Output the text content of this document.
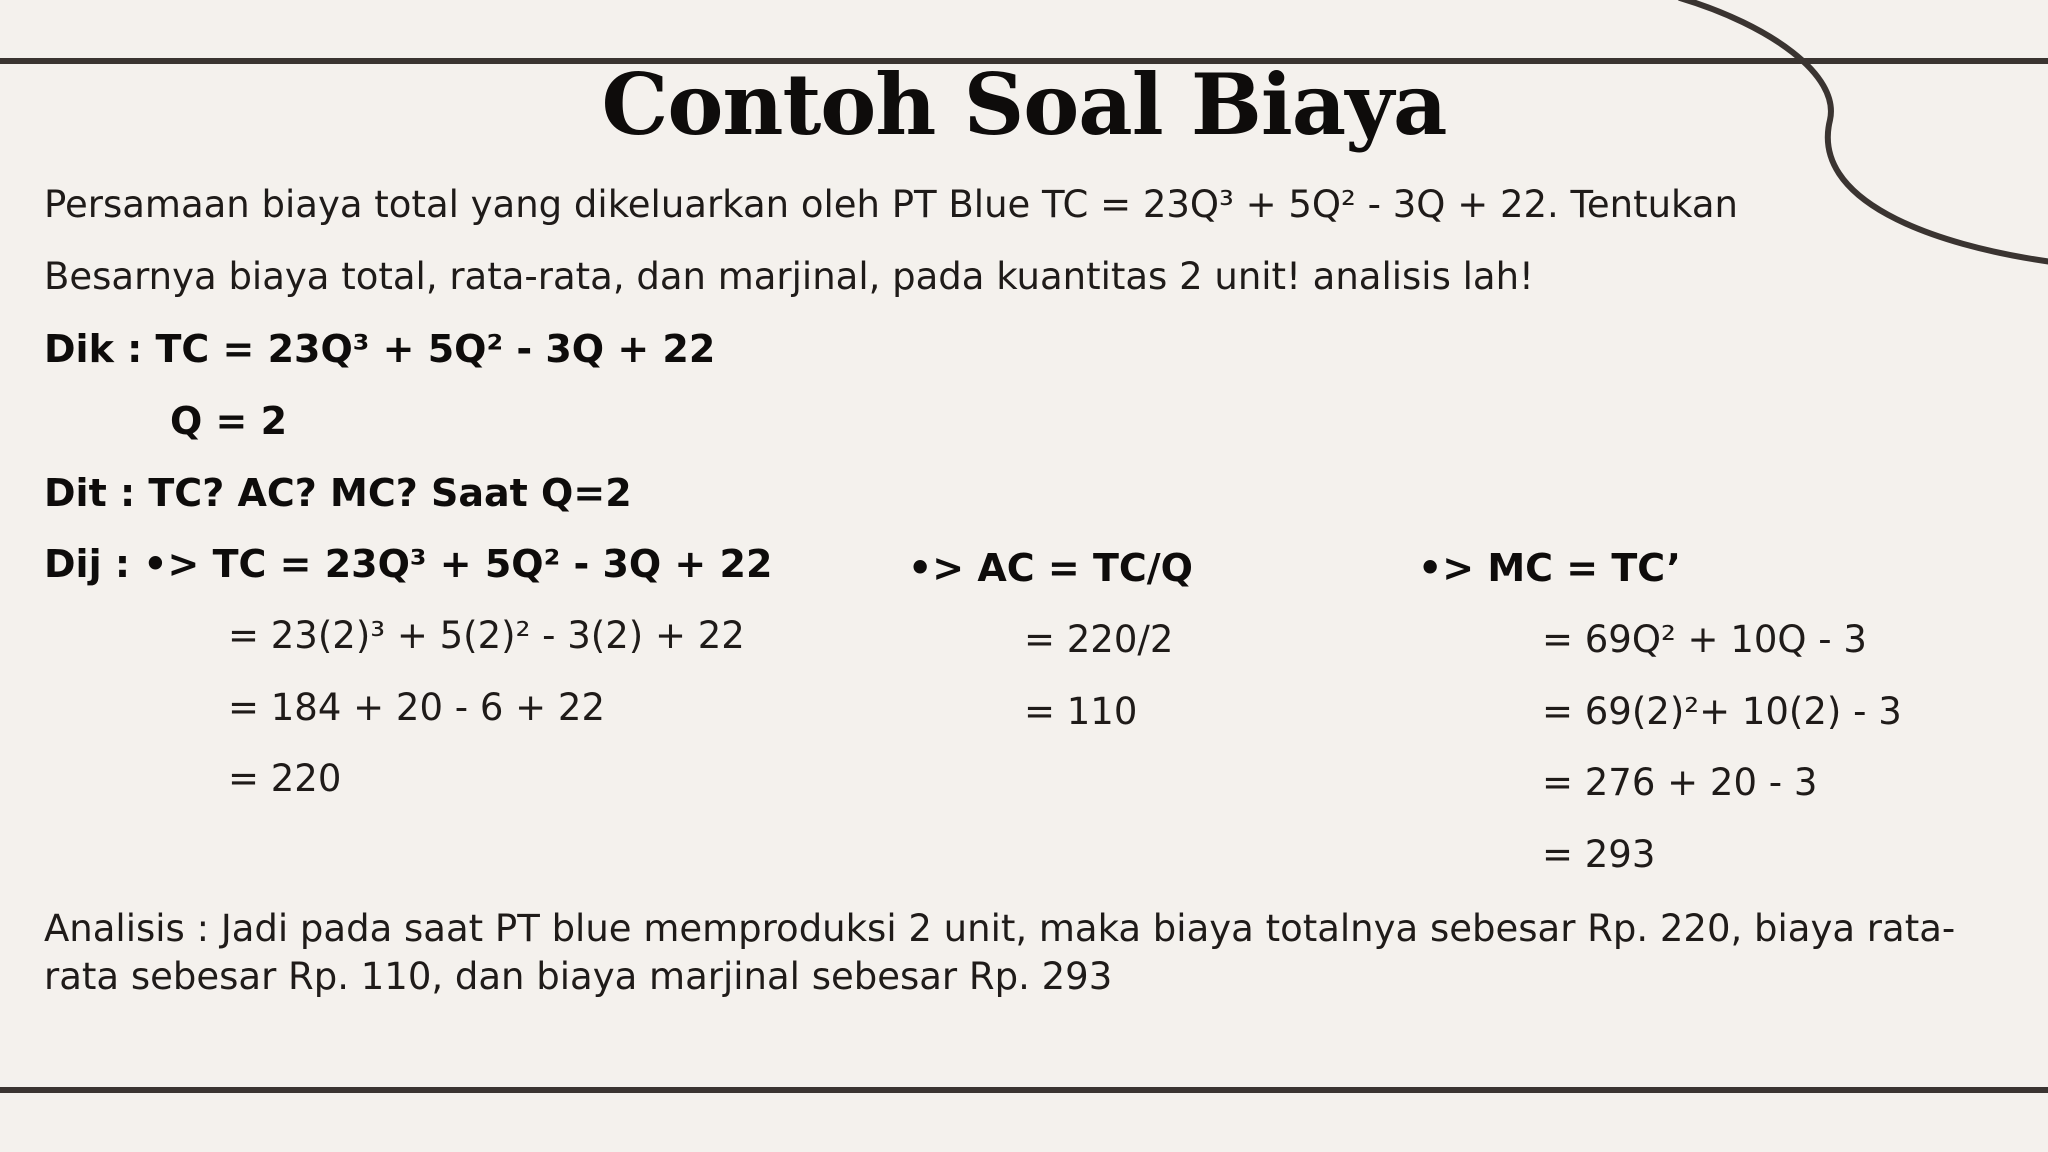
Contoh Soal Biaya
Persamaan biaya total yang dikeluarkan oleh PT Blue TC = 23Q³ + 5Q² - 3Q + 22. Tentukan
Besarnya biaya total, rata-rata, dan marjinal, pada kuantitas 2 unit! analisis lah!
Dik : TC = 23Q³ + 5Q² - 3Q + 22
Q = 2
Dit : TC? AC? MC? Saat Q=2
Dij : •> TC = 23Q³ + 5Q² - 3Q + 22
= 23(2)³ + 5(2)² - 3(2) + 22
= 184 + 20 - 6 + 22
= 220
•> AC = TC/Q
= 220/2
= 110
•> MC = TC’
= 69Q² + 10Q - 3
= 69(2)²+ 10(2) - 3
= 276 + 20 - 3
= 293
Analisis : Jadi pada saat PT blue memproduksi 2 unit, maka biaya totalnya sebesar Rp. 220, biaya rata-rata sebesar Rp. 110, dan biaya marjinal sebesar Rp. 293
